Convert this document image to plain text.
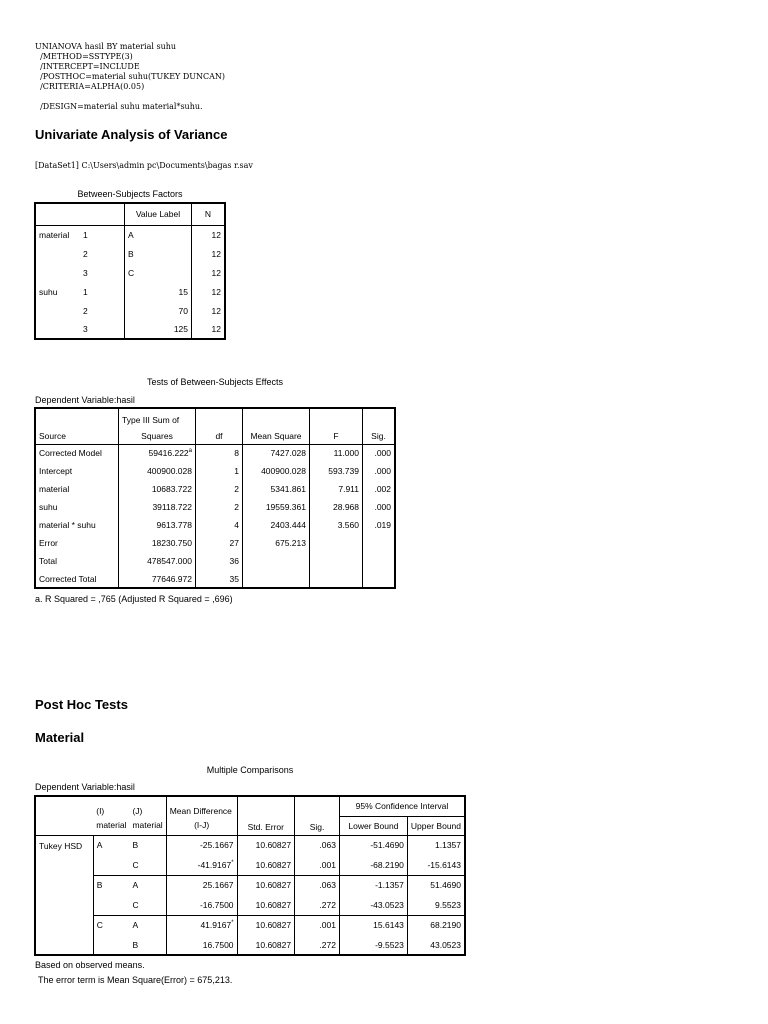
UNIANOVA hasil BY material suhu
/METHOD=SSTYPE(3)
/INTERCEPT=INCLUDE
/POSTHOC=material suhu(TUKEY DUNCAN)
/CRITERIA=ALPHA(0.05)

/DESIGN=material suhu material*suhu.
Univariate Analysis of Variance
[DataSet1] C:\Users\admin pc\Documents\bagas r.sav
Between-Subjects Factors
		Value Label	N
material	1	A	12
	2	B	12
	3	C	12
suhu	1	15	12
	2	70	12
	3	125	12
Tests of Between-Subjects Effects
Dependent Variable:hasil
Source	Type III Sum of
Squares	df	Mean Square	F	Sig.
Corrected Model	59416.222$^a$	8	7427.028	11.000	.000
Intercept	400900.028	1	400900.028	593.739	.000
material	10683.722	2	5341.861	7.911	.002
suhu	39118.722	2	19559.361	28.968	.000
material * suhu	9613.778	4	2403.444	3.560	.019
Error	18230.750	27	675.213		
Total	478547.000	36			
Corrected Total	77646.972	35			
a. R Squared = ,765 (Adjusted R Squared = ,696)
Post Hoc Tests
Material
Multiple Comparisons
Dependent Variable:hasil
	(I)	(J)	Mean Difference	Std. Error	Sig.	95% Confidence Interval	
	material	material	(I-J)			Lower Bound	Upper Bound
Tukey HSD	A	B	-25.1667	10.60827	.063	-51.4690	1.1357
		C	-41.9167*	10.60827	.001	-68.2190	-15.6143
	B	A	25.1667	10.60827	.063	-1.1357	51.4690
		C	-16.7500	10.60827	.272	-43.0523	9.5523
	C	A	41.9167*	10.60827	.001	15.6143	68.2190
		B	16.7500	10.60827	.272	-9.5523	43.0523
Based on observed means.
The error term is Mean Square(Error) = 675,213.
